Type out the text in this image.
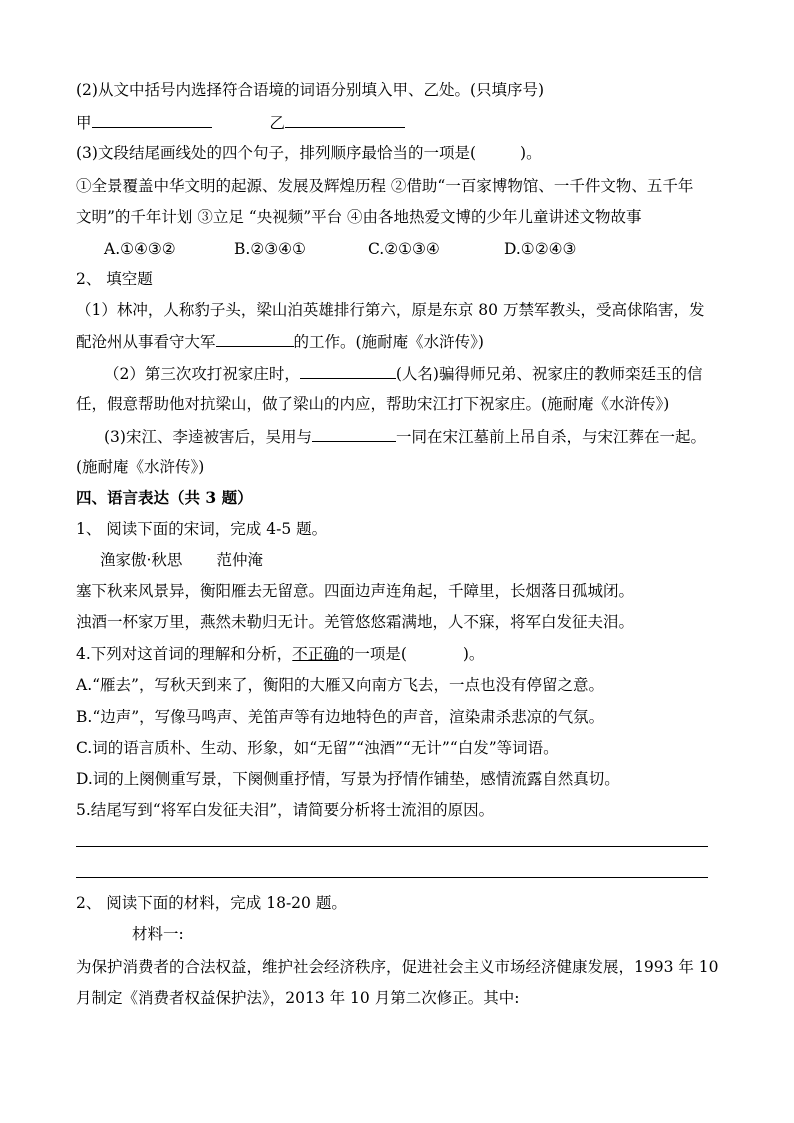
(2)从文中括号内选择符合语境的词语分别填入甲、乙处。(只填序号)
甲	乙
(3)文段结尾画线处的四个句子，排列顺序最恰当的一项是(	)。
①全景覆盖中华文明的起源、发展及辉煌历程 ②借助“一百家博物馆、一千件文物、五千年
文明”的千年计划 ③立足 “央视频”平台 ④由各地热爱文博的少年儿童讲述文物故事
A.①④③②	B.②③④①	C.②①③④	D.①②④③
2、 填空题
（1）林冲，人称豹子头，梁山泊英雄排行第六，原是东京 80 万禁军教头，受高俅陷害，发
配沧州从事看守大军	的工作。(施耐庵《水浒传》)
（2）第三次攻打祝家庄时，	(人名)骗得师兄弟、祝家庄的教师栾廷玉的信
任，假意帮助他对抗梁山，做了梁山的内应，帮助宋江打下祝家庄。(施耐庵《水浒传》)
(3)宋江、李逵被害后，吴用与	一同在宋江墓前上吊自杀，与宋江葬在一起。
(施耐庵《水浒传》)
四、语言表达（共 3 题）
1、 阅读下面的宋词，完成 4-5 题。
渔家傲·秋思 范仲淹
塞下秋来风景异，衡阳雁去无留意。四面边声连角起，千障里，长烟落日孤城闭。
浊酒一杯家万里，燕然未勒归无计。羌管悠悠霜满地，人不寐，将军白发征夫泪。
4.下列对这首词的理解和分析，不正确的一项是(	)。
A.“雁去”，写秋天到来了，衡阳的大雁又向南方飞去，一点也没有停留之意。
B.“边声”，写像马鸣声、羌笛声等有边地特色的声音，渲染肃杀悲凉的气氛。
C.词的语言质朴、生动、形象，如“无留”“浊酒”“无计”“白发”等词语。
D.词的上阕侧重写景，下阕侧重抒情，写景为抒情作铺垫，感情流露自然真切。
5.结尾写到“将军白发征夫泪”，请简要分析将士流泪的原因。
2、 阅读下面的材料，完成 18-20 题。
材料一:
为保护消费者的合法权益，维护社会经济秩序，促进社会主义市场经济健康发展，1993 年 10
月制定《消费者权益保护法》，2013 年 10 月第二次修正。其中:
